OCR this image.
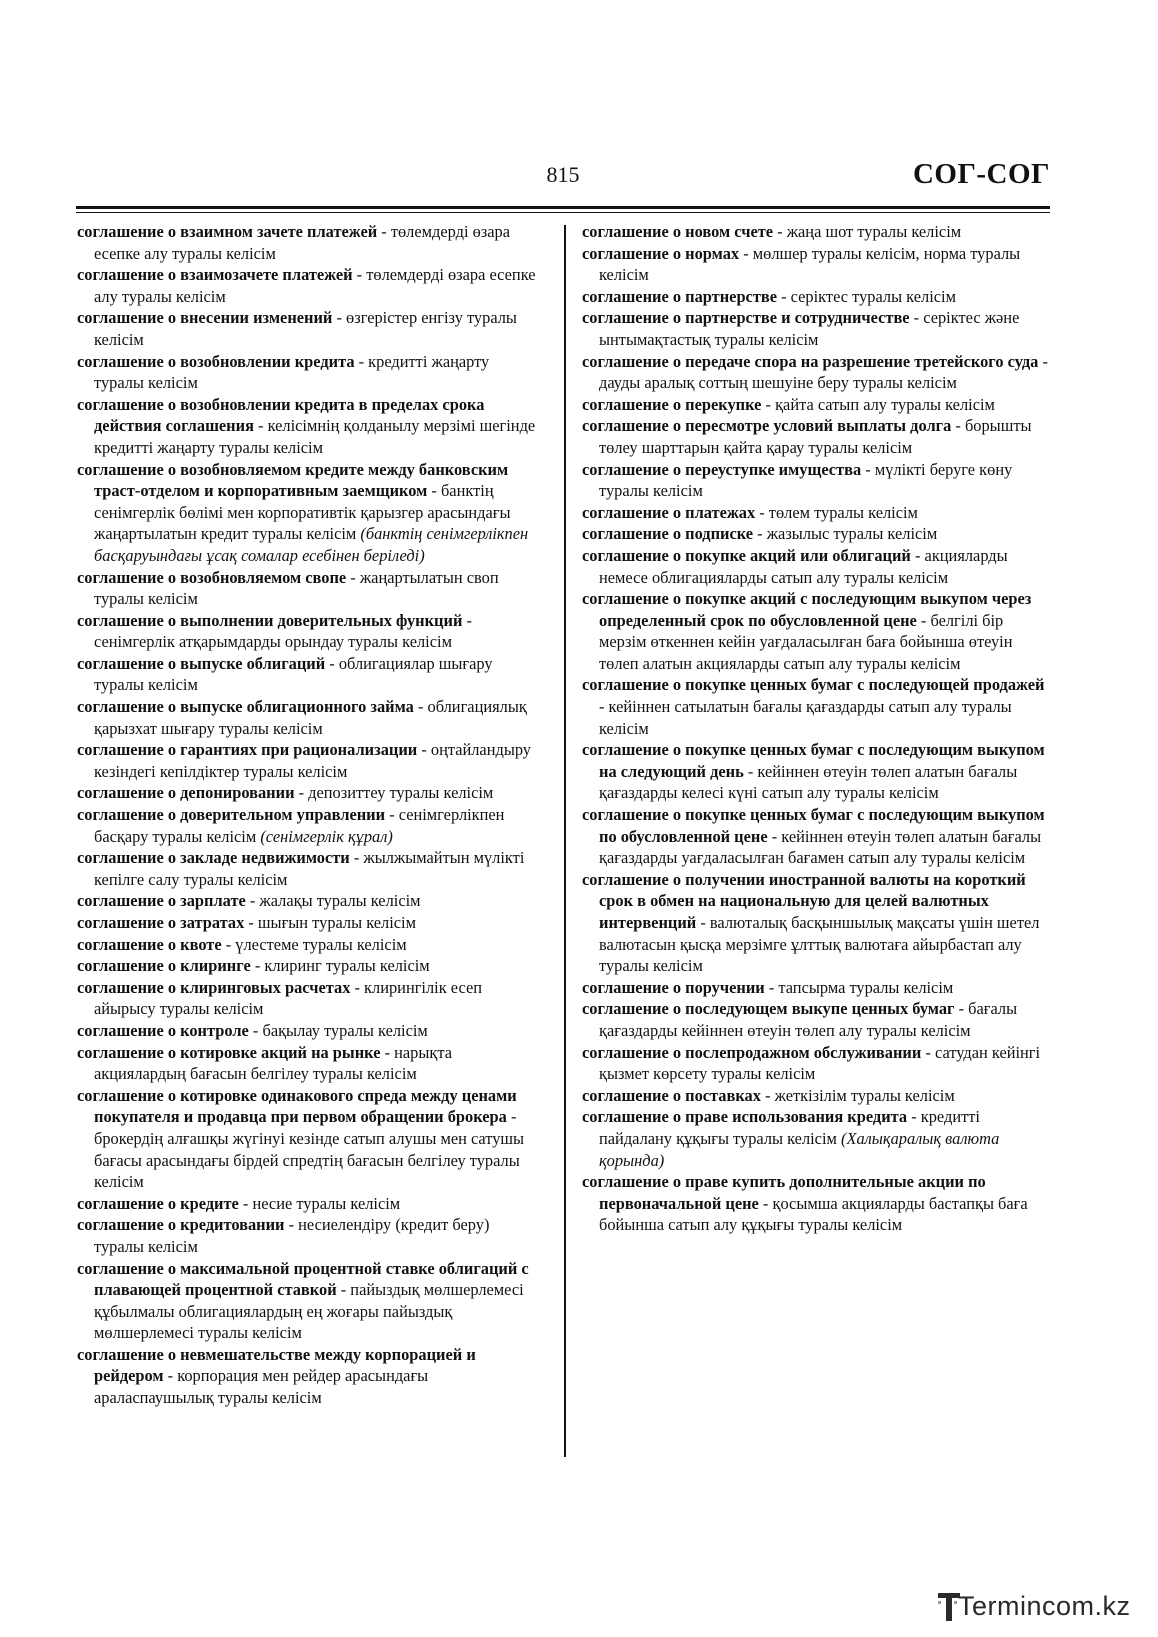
815	СОГ-СОГ

соглашение о взаимном зачете платежей - төлемдерді өзара есепке алу туралы келісім

соглашение о взаимозачете платежей - төлемдерді өзара есепке алу туралы келісім

соглашение о внесении изменений - өзгерістер енгізу туралы келісім

соглашение о возобновлении кредита - кредитті жаңарту туралы келісім

соглашение о возобновлении кредита в пределах срока действия соглашения - келісімнің қолданылу мерзімі шегінде кредитті жаңарту туралы келісім

соглашение о возобновляемом кредите между банковским траст-отделом и корпоративным заемщиком - банктің сенімгерлік бөлімі мен корпоративтік қарызгер арасындағы жаңартылатын кредит туралы келісім (банктің сенімгерлікпен басқаруындағы ұсақ сомалар есебінен беріледі)

соглашение о возобновляемом свопе - жаңартылатын своп туралы келісім

соглашение о выполнении доверительных функций - сенімгерлік атқарымдарды орындау туралы келісім

соглашение о выпуске облигаций - облигациялар шығару туралы келісім

соглашение о выпуске облигационного займа - облигациялық қарызхат шығару туралы келісім

соглашение о гарантиях при рационализации - оңтайландыру кезіндегі кепілдіктер туралы келісім

соглашение о депонировании - депозиттеу туралы келісім

соглашение о доверительном управлении - сенімгерлікпен басқару туралы келісім (сенімгерлік құрал)

соглашение о закладе недвижимости - жылжымайтын мүлікті кепілге салу туралы келісім

соглашение о зарплате - жалақы туралы келісім

соглашение о затратах - шығын туралы келісім

соглашение о квоте - үлестеме туралы келісім

соглашение о клиринге - клиринг туралы келісім

соглашение о клиринговых расчетах - клирингілік есеп айырысу туралы келісім

соглашение о контроле - бақылау туралы келісім

соглашение о котировке акций на рынке - нарықта акциялардың бағасын белгілеу туралы келісім

соглашение о котировке одинакового спреда между ценами покупателя и продавца при первом обращении брокера - брокердің алғашқы жүгінуі кезінде сатып алушы мен сатушы бағасы арасындағы бірдей спредтің бағасын белгілеу туралы келісім

соглашение о кредите - несие туралы келісім

соглашение о кредитовании - несиелендіру (кредит беру) туралы келісім

соглашение о максимальной процентной ставке облигаций с плавающей процентной ставкой - пайыздық мөлшерлемесі құбылмалы облигациялардың ең жоғары пайыздық мөлшерлемесі туралы келісім

соглашение о невмешательстве между корпорацией и рейдером - корпорация мен рейдер арасындағы араласпаушылық туралы келісім

соглашение о новом счете - жаңа шот туралы келісім

соглашение о нормах - мөлшер туралы келісім, норма туралы келісім

соглашение о партнерстве - серіктес туралы келісім

соглашение о партнерстве и сотрудничестве - серіктес және ынтымақтастық туралы келісім

соглашение о передаче спора на разрешение третейского суда - дауды аралық соттың шешуіне беру туралы келісім

соглашение о перекупке - қайта сатып алу туралы келісім

соглашение о пересмотре условий выплаты долга - борышты төлеу шарттарын қайта қарау туралы келісім

соглашение о переуступке имущества - мүлікті беруге көну туралы келісім

соглашение о платежах - төлем туралы келісім

соглашение о подписке - жазылыс туралы келісім

соглашение о покупке акций или облигаций - акцияларды немесе облигацияларды сатып алу туралы келісім

соглашение о покупке акций с последующим выкупом через определенный срок по обусловленной цене - белгілі бір мерзім өткеннен кейін уағдаласылған баға бойынша өтеуін төлеп алатын акцияларды сатып алу туралы келісім

соглашение о покупке ценных бумаг с последующей продажей - кейіннен сатылатын бағалы қағаздарды сатып алу туралы келісім

соглашение о покупке ценных бумаг с последующим выкупом на следующий день - кейіннен өтеуін төлеп алатын бағалы қағаздарды келесі күні сатып алу туралы келісім

соглашение о покупке ценных бумаг с последующим выкупом по обусловленной цене - кейіннен өтеуін төлеп алатын бағалы қағаздарды уағдаласылған бағамен сатып алу туралы келісім

соглашение о получении иностранной валюты на короткий срок в обмен на национальную для целей валютных интервенций - валюталық басқыншылық мақсаты үшін шетел валютасын қысқа мерзімге ұлттық валютаға айырбастап алу туралы келісім

соглашение о поручении - тапсырма туралы келісім

соглашение о последующем выкупе ценных бумаг - бағалы қағаздарды кейіннен өтеуін төлеп алу туралы келісім

соглашение о послепродажном обслуживании - сатудан кейінгі қызмет көрсету туралы келісім

соглашение о поставках - жеткізілім туралы келісім

соглашение о праве использования кредита - кредитті пайдалану құқығы туралы келісім (Халықаралық валюта қорында)

соглашение о праве купить дополнительные акции по первоначальной цене - қосымша акцияларды бастапқы баға бойынша сатып алу құқығы туралы келісім

Termincom.kz
